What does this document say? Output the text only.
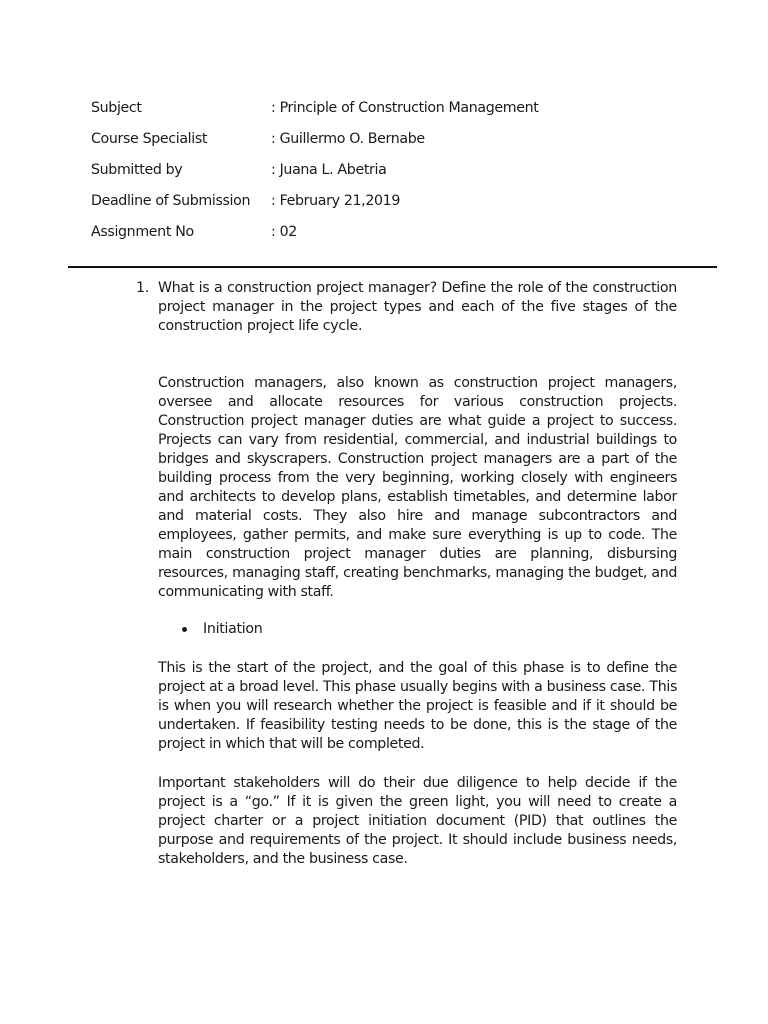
Subject	: Principle of Construction Management
Course Specialist	: Guillermo O. Bernabe
Submitted by	: Juana L. Abetria
Deadline of Submission	: February 21,2019
Assignment No	: 02
1. What is a construction project manager? Define the role of the construction project manager in the project types and each of the five stages of the construction project life cycle.

Construction managers, also known as construction project managers, oversee and allocate resources for various construction projects. Construction project manager duties are what guide a project to success. Projects can vary from residential, commercial, and industrial buildings to bridges and skyscrapers. Construction project managers are a part of the building process from the very beginning, working closely with engineers and architects to develop plans, establish timetables, and determine labor and material costs. They also hire and manage subcontractors and employees, gather permits, and make sure everything is up to code. The main construction project manager duties are planning, disbursing resources, managing staff, creating benchmarks, managing the budget, and communicating with staff.

Initiation

This is the start of the project, and the goal of this phase is to define the project at a broad level. This phase usually begins with a business case. This is when you will research whether the project is feasible and if it should be undertaken. If feasibility testing needs to be done, this is the stage of the project in which that will be completed.

Important stakeholders will do their due diligence to help decide if the project is a “go.” If it is given the green light, you will need to create a project charter or a project initiation document (PID) that outlines the purpose and requirements of the project. It should include business needs, stakeholders, and the business case.
